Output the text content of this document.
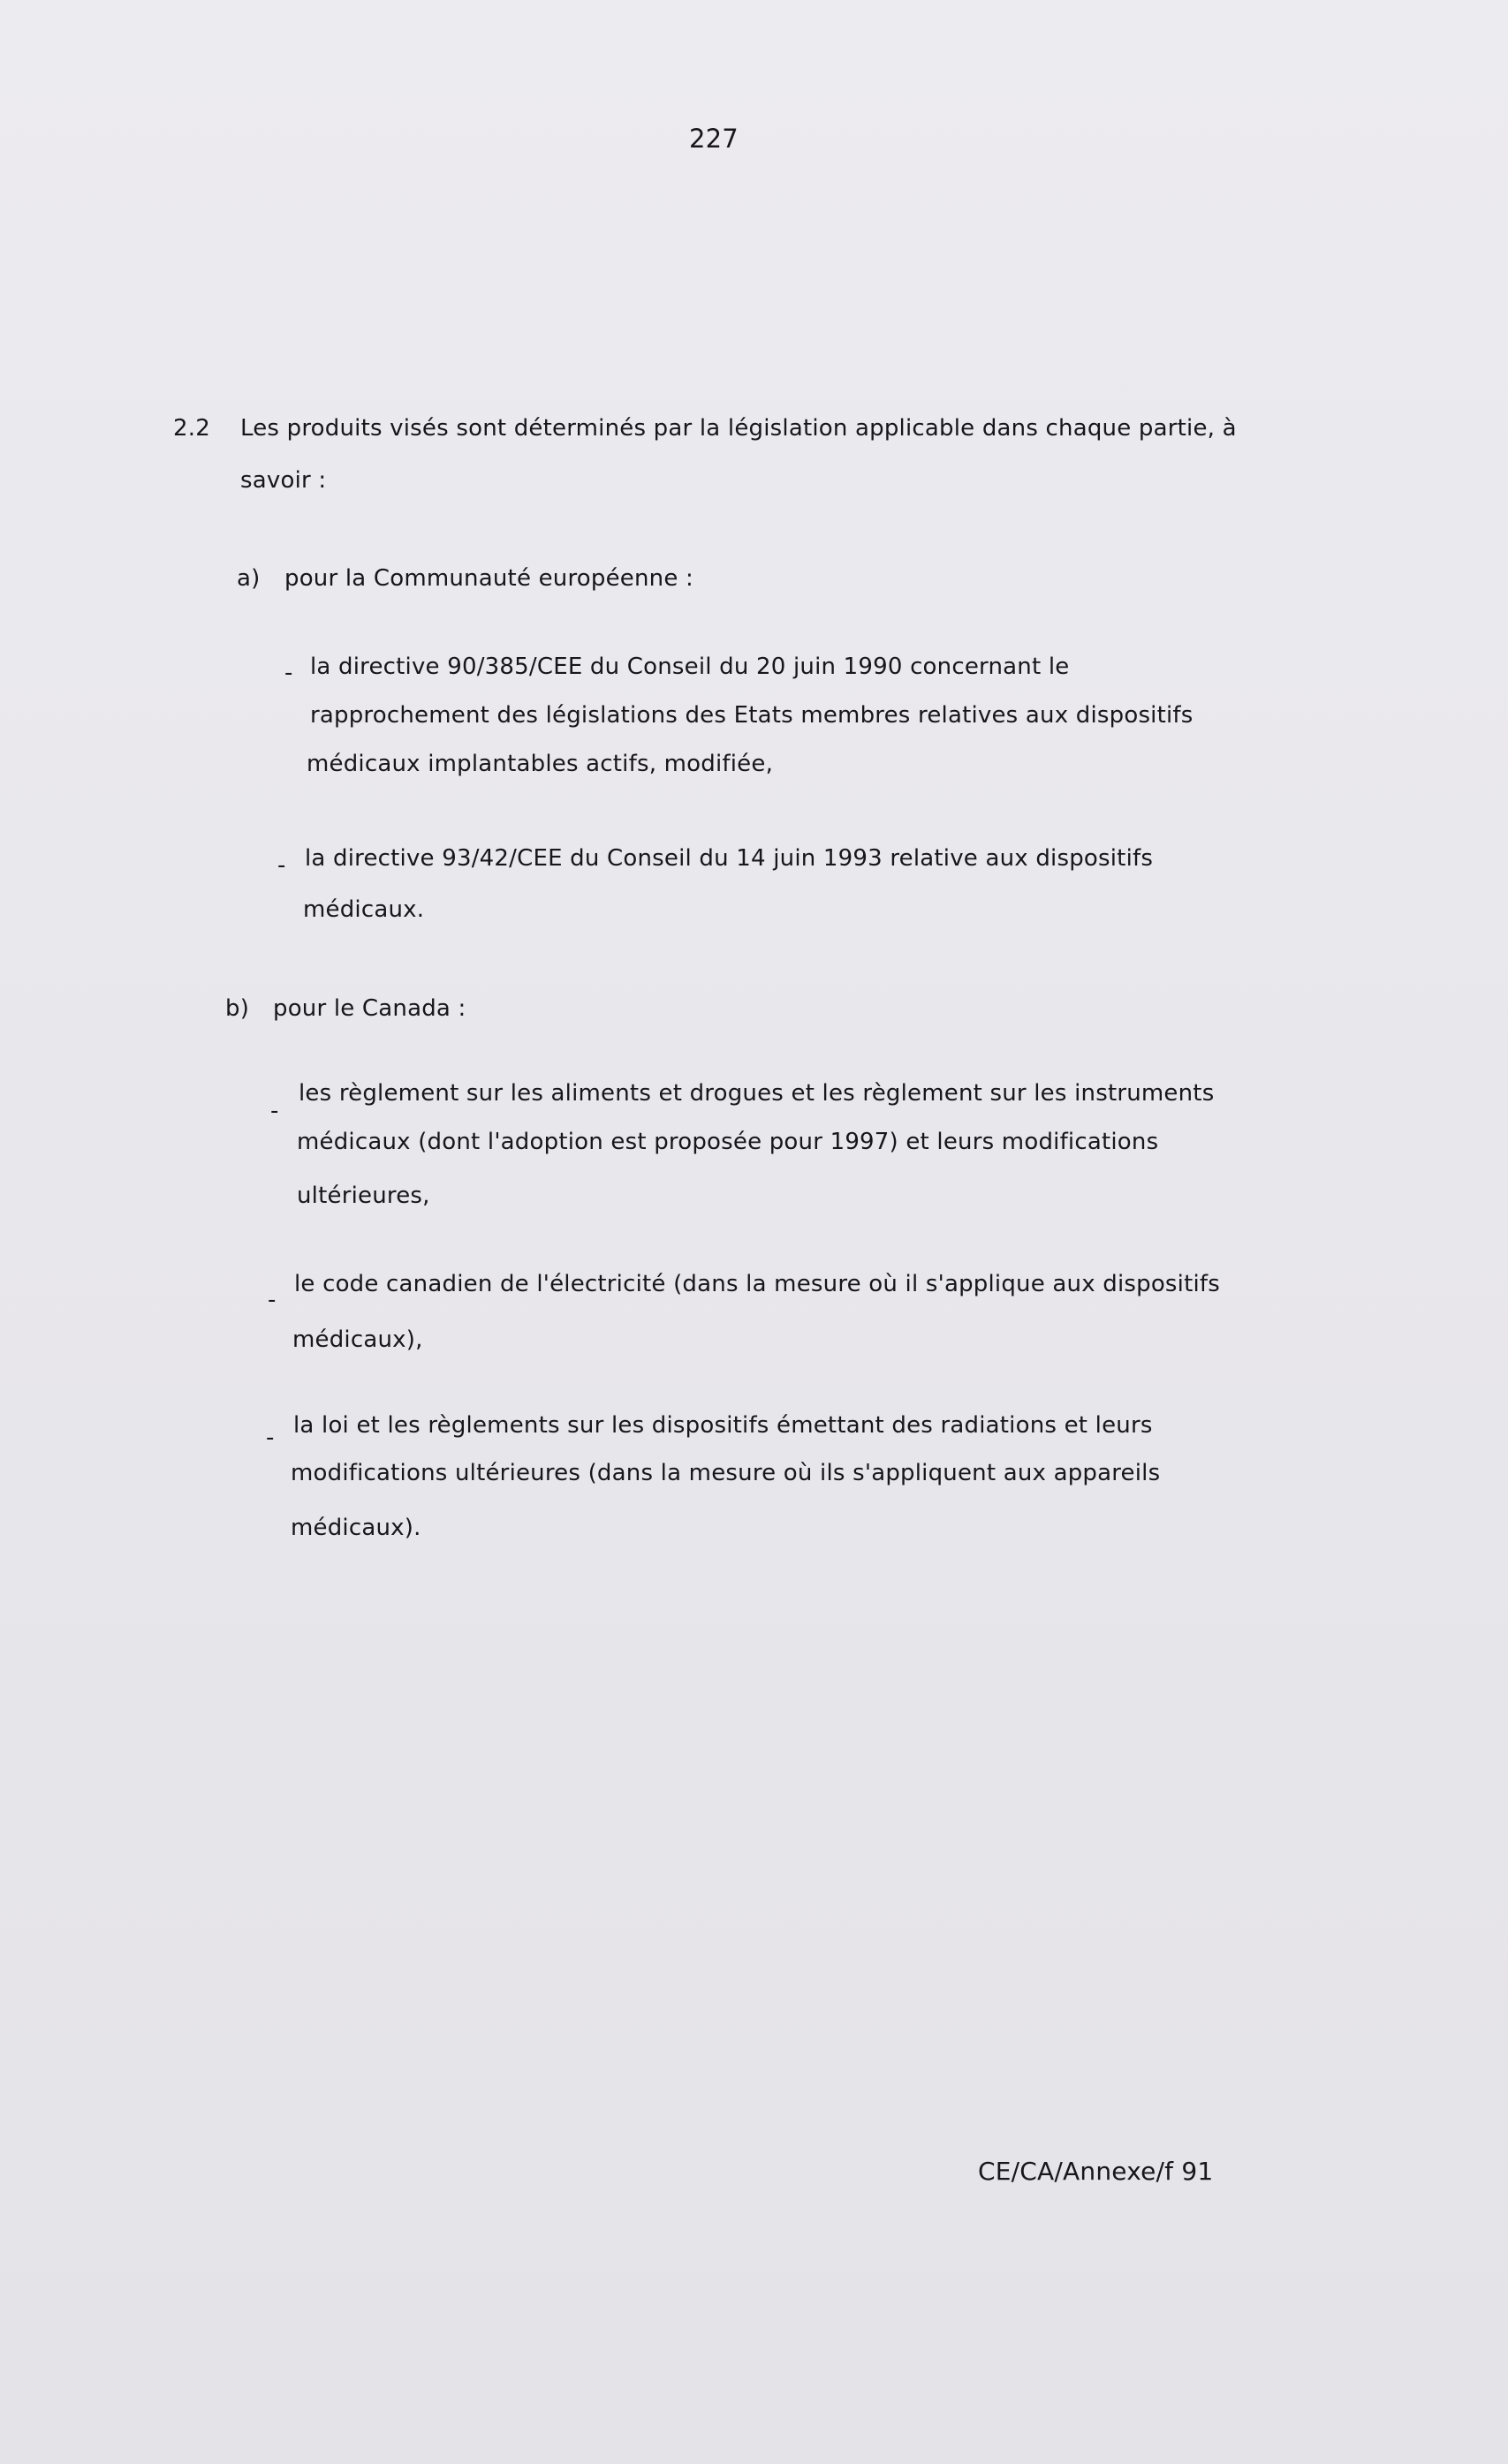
227
2.2 Les produits visés sont déterminés par la législation applicable dans chaque partie, à
savoir :
a) pour la Communauté européenne :
- la directive 90/385/CEE du Conseil du 20 juin 1990 concernant le
rapprochement des législations des Etats membres relatives aux dispositifs
médicaux implantables actifs, modifiée,
- la directive 93/42/CEE du Conseil du 14 juin 1993 relative aux dispositifs
médicaux.
b) pour le Canada :
-
les règlement sur les aliments et drogues et les règlement sur les instruments
médicaux (dont l'adoption est proposée pour 1997) et leurs modifications
ultérieures,
-
le code canadien de l'électricité (dans la mesure où il s'applique aux dispositifs
médicaux),
- la loi et les règlements sur les dispositifs émettant des radiations et leurs
modifications ultérieures (dans la mesure où ils s'appliquent aux appareils
médicaux).
CE/CA/Annexe/f 91
